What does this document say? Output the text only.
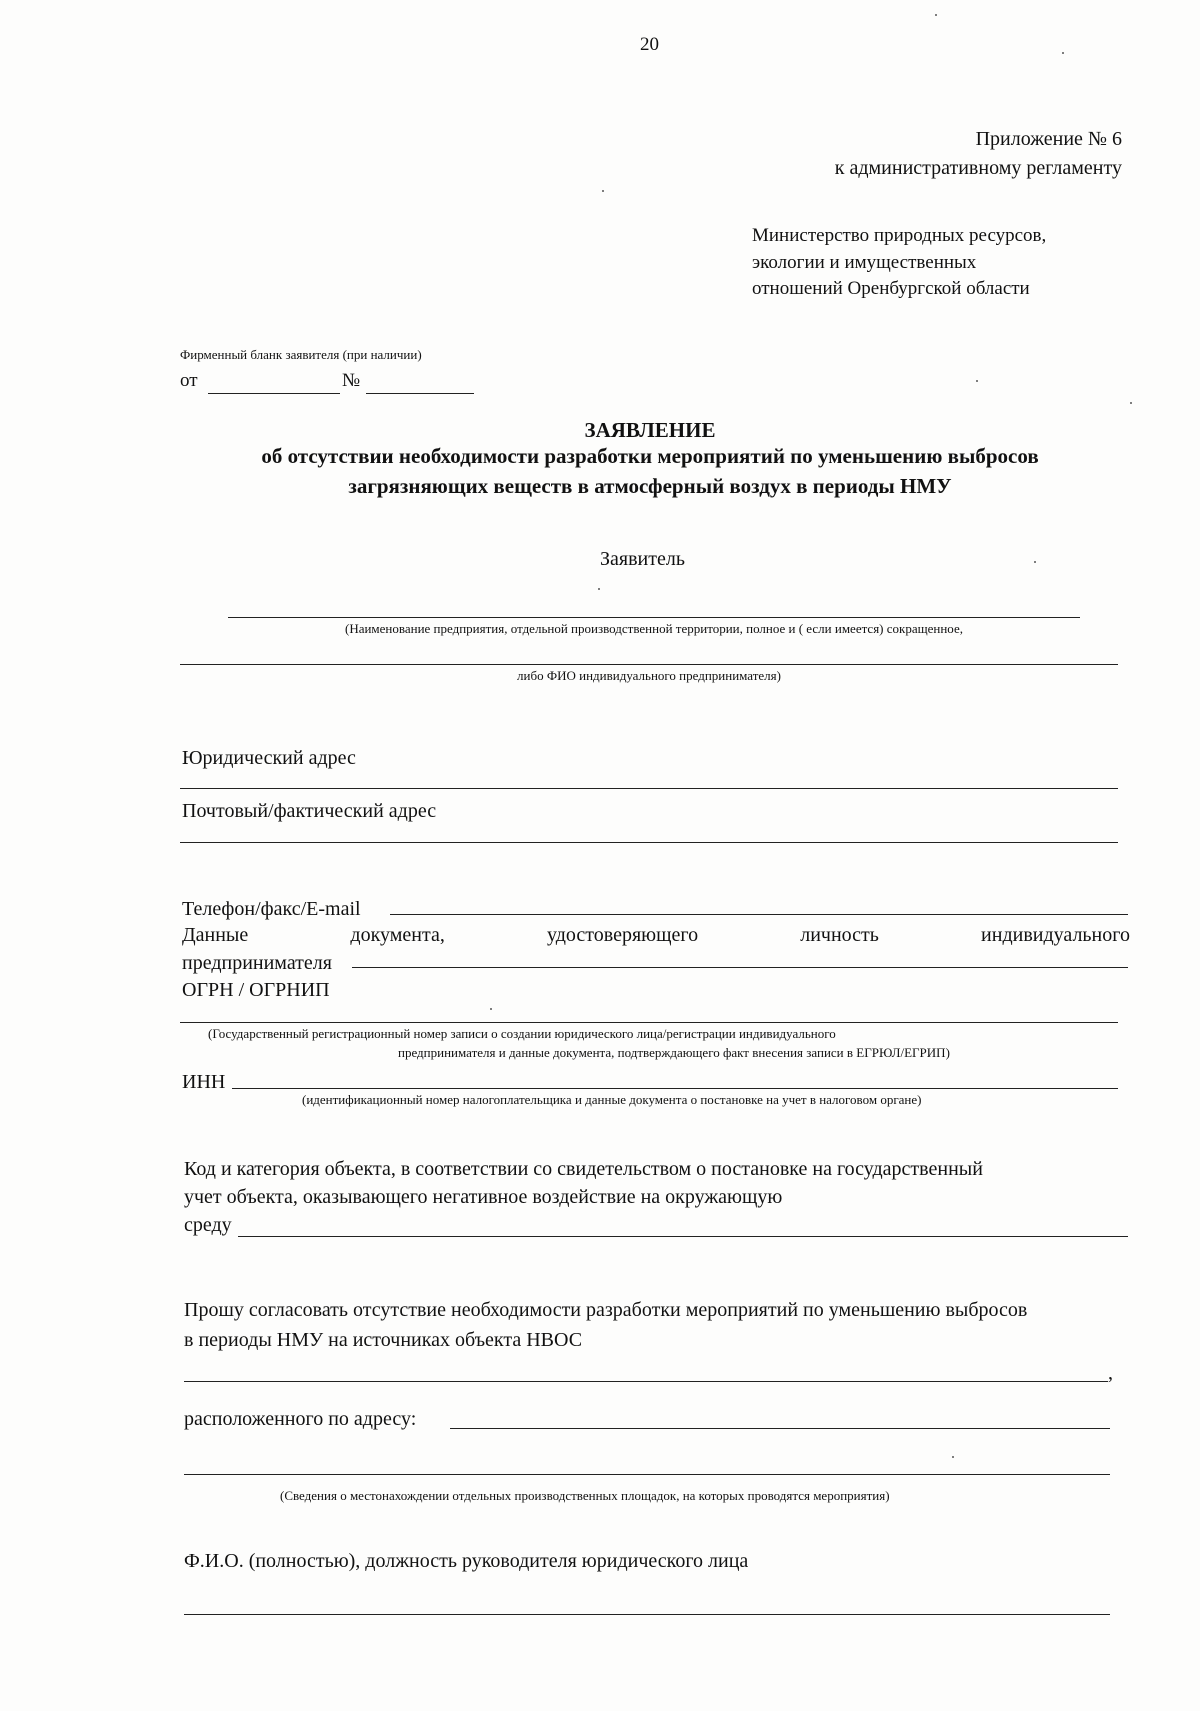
20
Приложение № 6
к административному регламенту
Министерство природных ресурсов,
экологии и имущественных
отношений Оренбургской области
Фирменный бланк заявителя (при наличии)
от	№
ЗАЯВЛЕНИЕ
об отсутствии необходимости разработки мероприятий по уменьшению выбросов
загрязняющих веществ в атмосферный воздух в периоды НМУ
Заявитель
(Наименование предприятия, отдельной производственной территории, полное и ( если имеется) сокращенное,
либо ФИО индивидуального предпринимателя)
Юридический адрес
Почтовый/фактический адрес
Телефон/факс/E-mail
Данные	документа,	удостоверяющего	личность	индивидуального
предпринимателя
ОГРН / ОГРНИП
(Государственный регистрационный номер записи о создании юридического лица/регистрации индивидуального
предпринимателя и данные документа, подтверждающего факт внесения записи в ЕГРЮЛ/ЕГРИП)
ИНН
(идентификационный номер налогоплательщика и данные документа о постановке на учет в налоговом органе)
Код и категория объекта, в соответствии со свидетельством о постановке на государственный
учет объекта, оказывающего негативное воздействие на окружающую
среду
Прошу согласовать отсутствие необходимости разработки мероприятий по уменьшению выбросов
в периоды НМУ на источниках объекта НВОС
,
расположенного по адресу:
(Сведения о местонахождении отдельных производственных площадок, на которых проводятся мероприятия)
Ф.И.О. (полностью), должность руководителя юридического лица
